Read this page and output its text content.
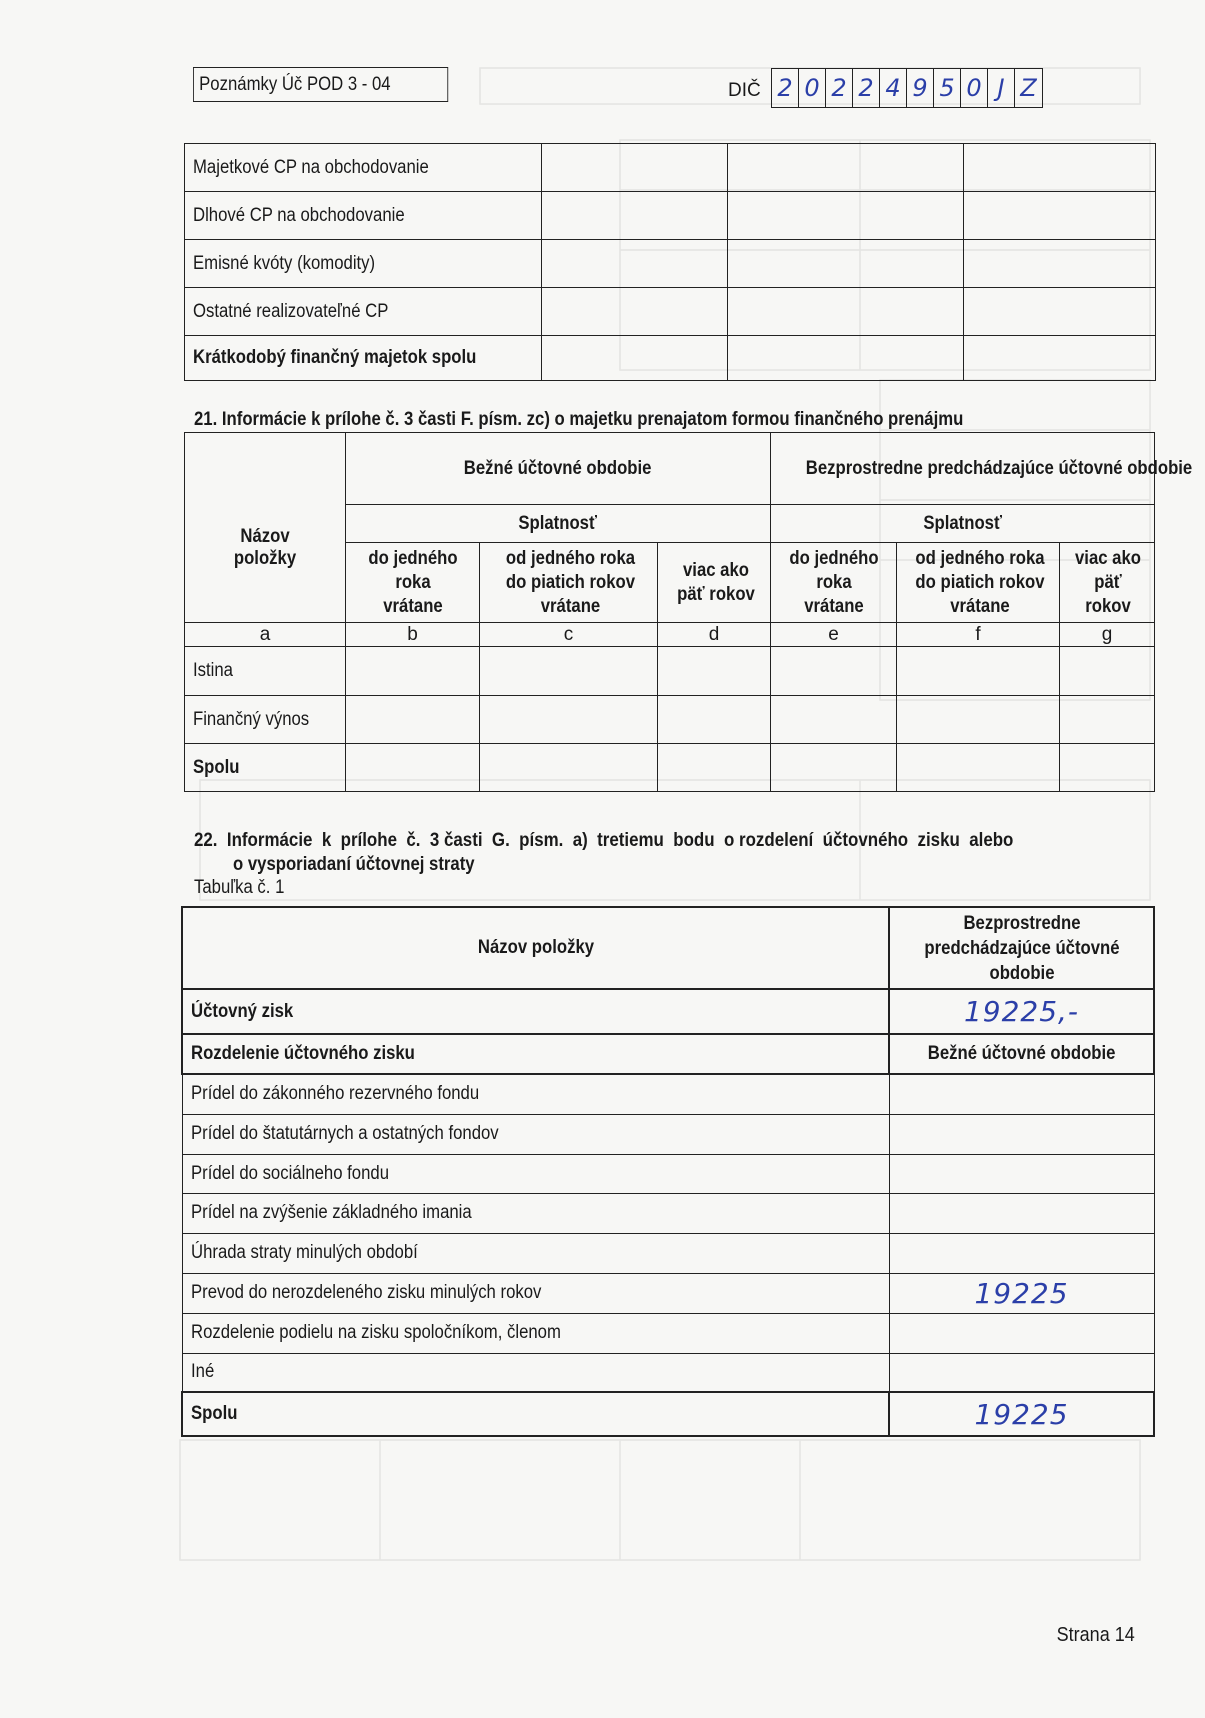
Poznámky Úč POD 3 - 04	DIČ 2 0 2 2 4 9 5 0 J Z
Majetkové CP na obchodovanie			
Dlhové CP na obchodovanie			
Emisné kvóty (komodity)			
Ostatné realizovateľné CP			
Krátkodobý finančný majetok spolu			
21. Informácie k prílohe č. 3 časti F. písm. zc) o majetku prenajatom formou finančného prenájmu
Názov položky	Bežné účtovné obdobie			Bezprostredne predchádzajúce účtovné obdobie		
	Splatnosť			Splatnosť		
	do jedného roka vrátane	od jedného roka do piatich rokov vrátane	viac ako päť rokov	do jedného roka vrátane	od jedného roka do piatich rokov vrátane	viac ako päť rokov
a	b	c	d	e	f	g
Istina						
Finančný výnos						
Spolu						
22.  Informácie  k  prílohe  č.  3 časti  G.  písm.  a)  tretiemu  bodu  o rozdelení  účtovného  zisku  alebo
o vysporiadaní účtovnej straty
Tabuľka č. 1
Názov položky	Bezprostredne predchádzajúce účtovné obdobie
Účtovný zisk	19225,-
Rozdelenie účtovného zisku	Bežné účtovné obdobie
Prídel do zákonného rezervného fondu	
Prídel do štatutárnych a ostatných fondov	
Prídel do sociálneho fondu	
Prídel na zvýšenie základného imania	
Úhrada straty minulých období	
Prevod do nerozdeleného zisku minulých rokov	19225
Rozdelenie podielu na zisku spoločníkom, členom	
Iné	
Spolu	19225
Strana 14
